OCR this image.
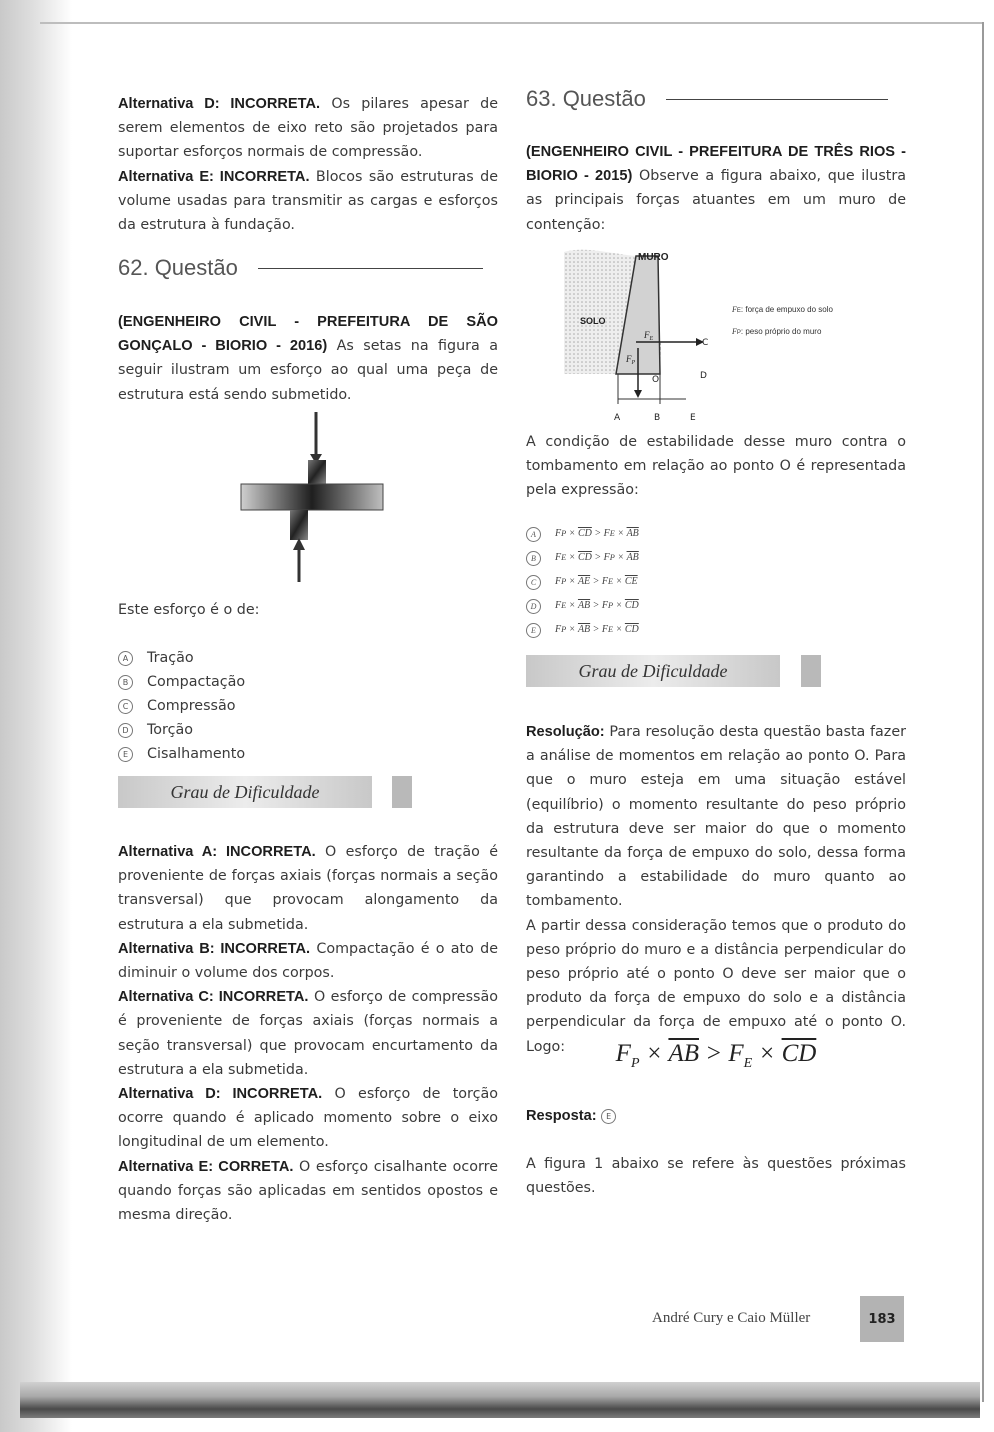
Alternativa D: INCORRETA. Os pilares apesar de serem elementos de eixo reto são projetados para suportar esforços normais de compressão.
Alternativa E: INCORRETA. Blocos são estruturas de volume usadas para transmitir as cargas e esforços da estrutura à fundação.
62. Questão
(ENGENHEIRO CIVIL - PREFEITURA DE SÃO GONÇALO - BIORIO - 2016) As setas na figura a seguir ilustram um esforço ao qual uma peça de estrutura está sendo submetido.
Este esforço é o de:
A	Tração
B	Compactação
C	Compressão
D	Torção
E	Cisalhamento
Grau de Dificuldade
Alternativa A: INCORRETA. O esforço de tração é proveniente de forças axiais (forças normais a seção transversal) que provocam alongamento da estrutura a ela submetida.
Alternativa B: INCORRETA. Compactação é o ato de diminuir o volume dos corpos.
Alternativa C: INCORRETA. O esforço de compressão é proveniente de forças axiais (forças normais a seção transversal) que provocam encurtamento da estrutura a ela submetida.
Alternativa D: INCORRETA. O esforço de torção ocorre quando é aplicado momento sobre o eixo longitudinal de um elemento.
Alternativa E: CORRETA. O esforço cisalhante ocorre quando forças são aplicadas em sentidos opostos e mesma direção.
63. Questão
(ENGENHEIRO CIVIL - PREFEITURA DE TRÊS RIOS - BIORIO - 2015) Observe a figura abaixo, que ilustra as principais forças atuantes em um muro de contenção:
MURO
SOLO
$F_E$
$F_P$
O
C
D
A	B	E
FE: força de empuxo do solo
FP: peso próprio do muro
A condição de estabilidade desse muro contra o tombamento em relação ao ponto O é representada pela expressão:
A	F $P \times \overline{CD} > F$ $E \times \overline{AB}$
B	F $E \times \overline{CD} > F$ $P \times \overline{AB}$
C	F $P \times \overline{AE} > F$ $E \times \overline{CE}$
D	F $E \times \overline{AB} > F$ $P \times \overline{CD}$
E	F $P \times \overline{AB} > F$ $E \times \overline{CD}$
Grau de Dificuldade
Resolução: Para resolução desta questão basta fazer a análise de momentos em relação ao ponto O. Para que o muro esteja em uma situação estável (equilíbrio) o momento resultante do peso próprio da estrutura deve ser maior do que o momento resultante da força de empuxo do solo, dessa forma garantindo a estabilidade do muro quanto ao tombamento.
A partir dessa consideração temos que o produto do peso próprio do muro e a distância perpendicular do peso próprio até o ponto O deve ser maior que o produto da força de empuxo do solo e a distância perpendicular da força de empuxo até o ponto O. Logo:	$F_P \times \overline{AB} > F_E \times \overline{CD}$
Resposta:
	E
A figura 1 abaixo se refere às questões próximas questões.
André Cury e Caio Müller	183
